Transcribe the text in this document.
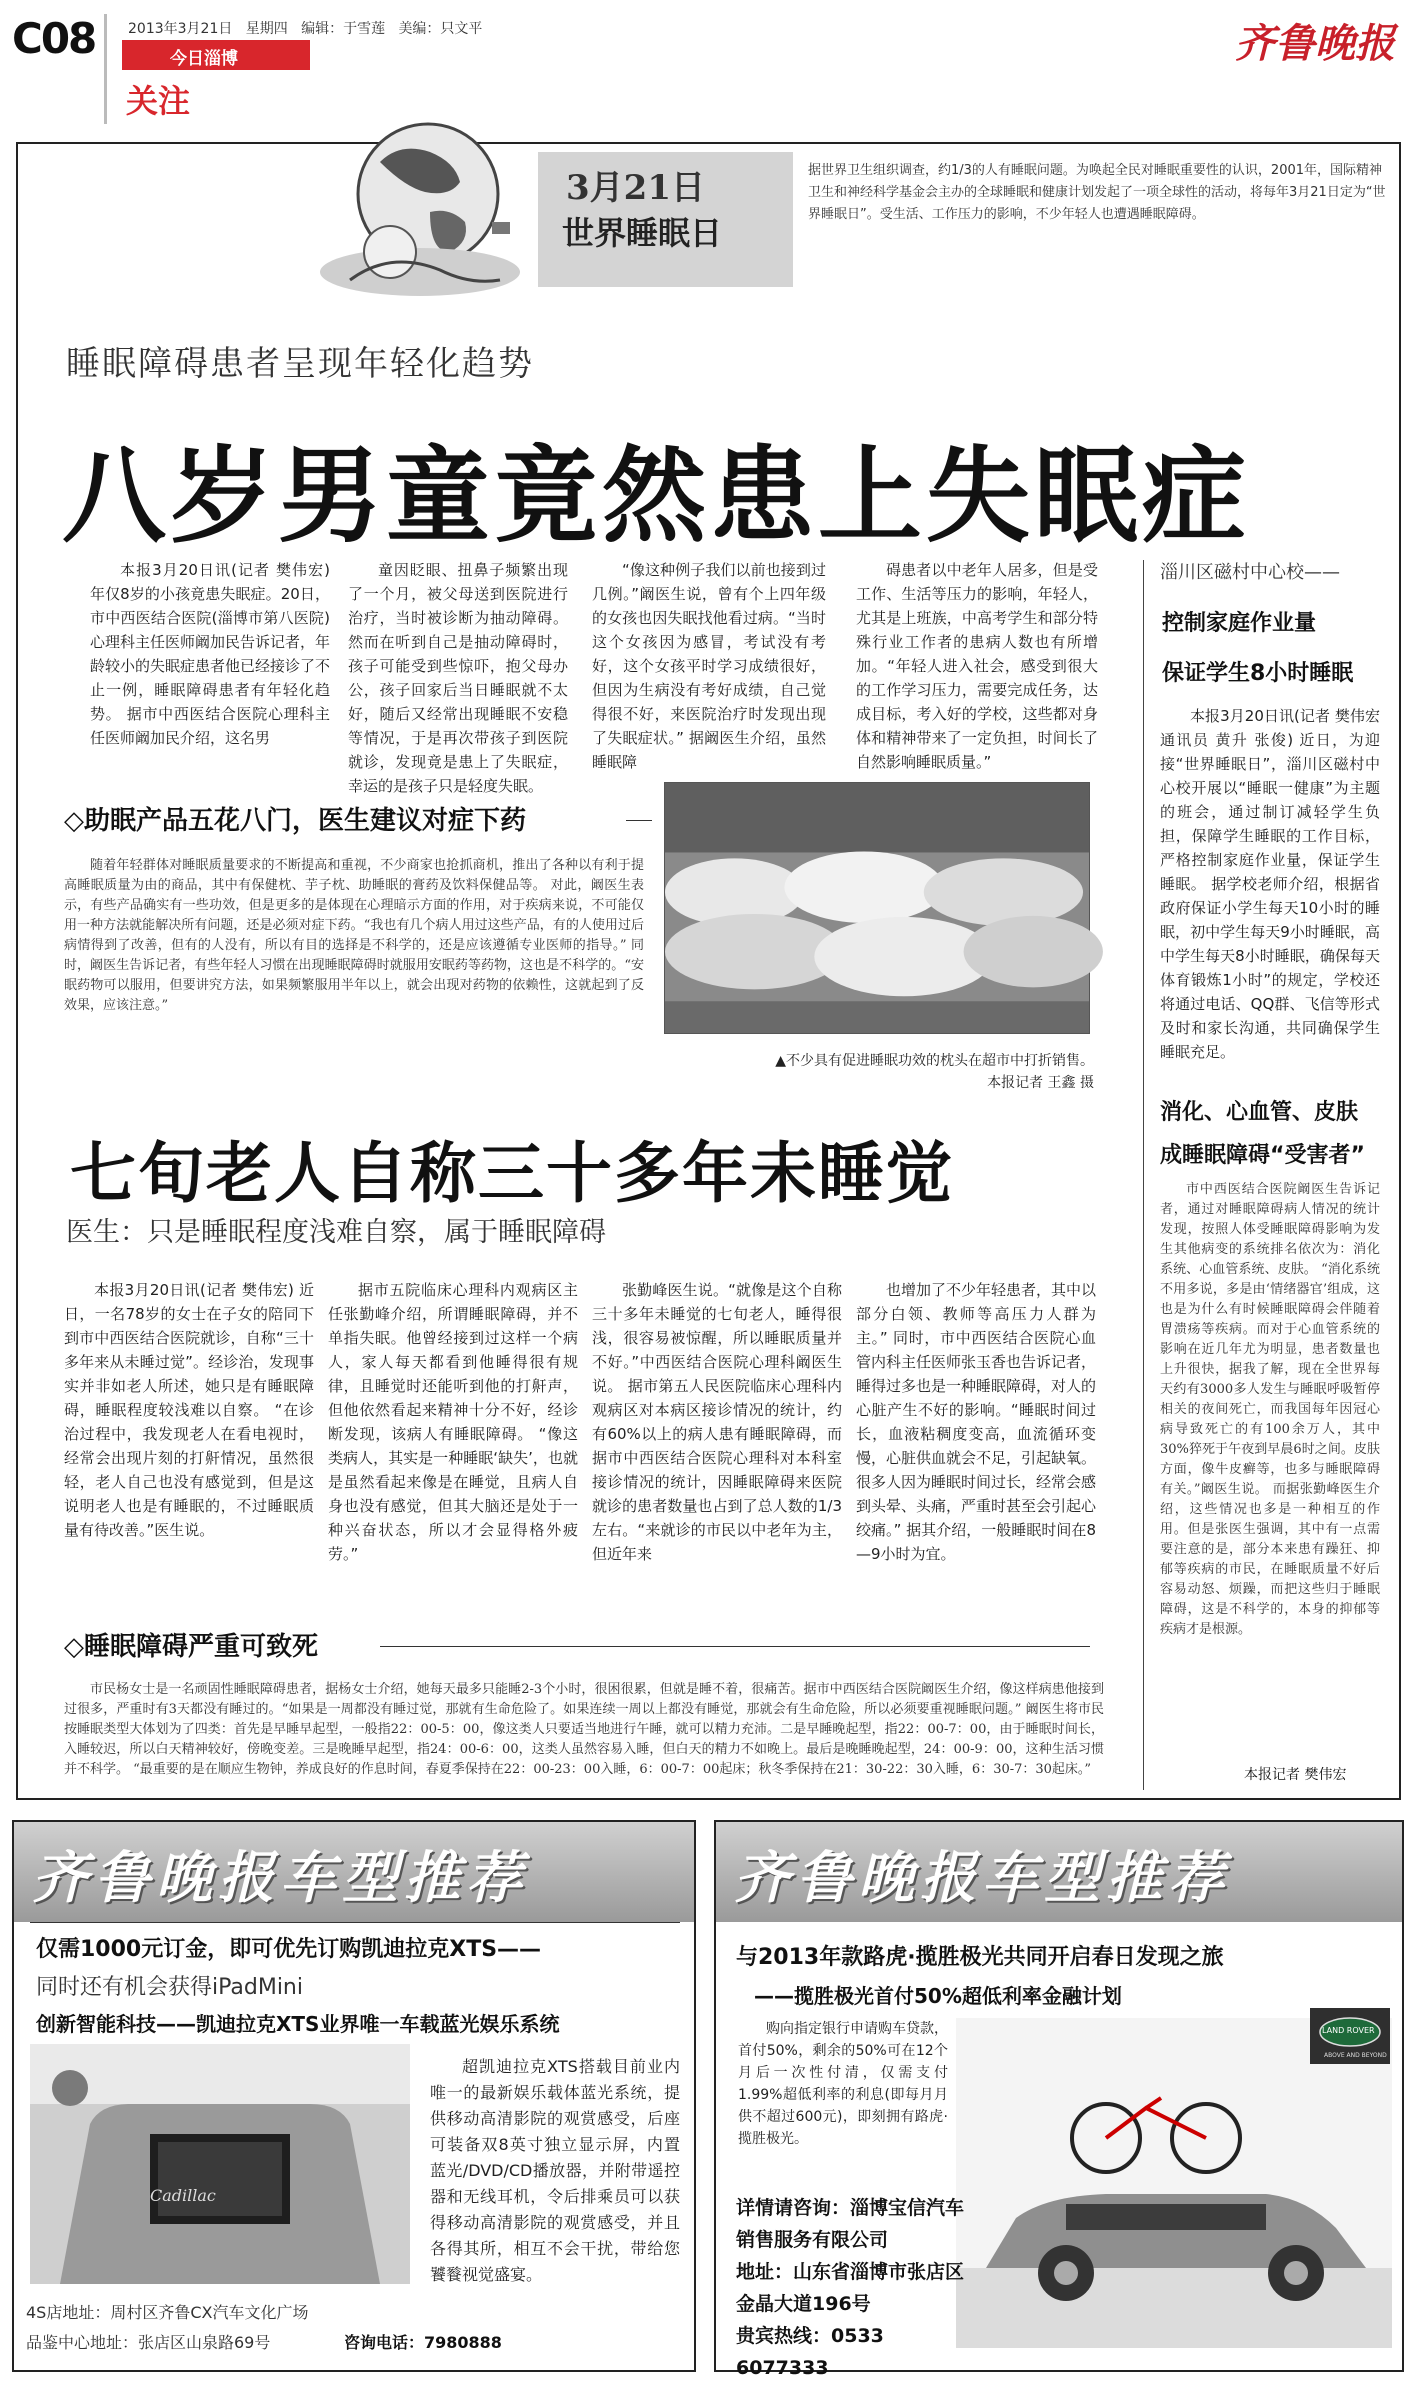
C08	2013年3月21日 星期四 编辑：于雪莲 美编：只文平
今日淄博
关注
齐鲁晚报
3月21日
世界睡眠日
据世界卫生组织调查，约1/3的人有睡眠问题。为唤起全民对睡眠重要性的认识，2001年，国际精神卫生和神经科学基金会主办的全球睡眠和健康计划发起了一项全球性的活动，将每年3月21日定为“世界睡眠日”。受生活、工作压力的影响，不少年轻人也遭遇睡眠障碍。
睡眠障碍患者呈现年轻化趋势
八岁男童竟然患上失眠症

本报3月20日讯(记者 樊伟宏) 年仅8岁的小孩竟患失眠症。20日，市中西医结合医院(淄博市第八医院)心理科主任医师阚加民告诉记者，年龄较小的失眠症患者他已经接诊了不止一例，睡眠障碍患者有年轻化趋势。 据市中西医结合医院心理科主任医师阚加民介绍，这名男

童因眨眼、扭鼻子频繁出现了一个月，被父母送到医院进行治疗，当时被诊断为抽动障碍。然而在听到自己是抽动障碍时，孩子可能受到些惊吓，抱父母办公，孩子回家后当日睡眠就不太好，随后又经常出现睡眠不安稳等情况，于是再次带孩子到医院就诊，发现竟是患上了失眠症，幸运的是孩子只是轻度失眠。

“像这种例子我们以前也接到过几例。”阚医生说，曾有个上四年级的女孩也因失眠找他看过病。“当时这个女孩因为感冒，考试没有考好，这个女孩平时学习成绩很好，但因为生病没有考好成绩，自己觉得很不好，来医院治疗时发现出现了失眠症状。” 据阚医生介绍，虽然睡眠障

碍患者以中老年人居多，但是受工作、生活等压力的影响，年轻人，尤其是上班族，中高考学生和部分特殊行业工作者的患病人数也有所增加。“年轻人进入社会，感受到很大的工作学习压力，需要完成任务，达成目标，考入好的学校，这些都对身体和精神带来了一定负担，时间长了自然影响睡眠质量。”

◇助眠产品五花八门，医生建议对症下药

随着年轻群体对睡眠质量要求的不断提高和重视，不少商家也抢抓商机，推出了各种以有利于提高睡眠质量为由的商品，其中有保健枕、芋子枕、助睡眠的膏药及饮料保健品等。 对此，阚医生表示，有些产品确实有一些功效，但是更多的是体现在心理暗示方面的作用，对于疾病来说，不可能仅用一种方法就能解决所有问题，还是必须对症下药。“我也有几个病人用过这些产品，有的人使用过后病情得到了改善，但有的人没有，所以有目的选择是不科学的，还是应该遵循专业医师的指导。” 同时，阚医生告诉记者，有些年轻人习惯在出现睡眠障碍时就服用安眠药等药物，这也是不科学的。“安眠药物可以服用，但要讲究方法，如果频繁服用半年以上，就会出现对药物的依赖性，这就起到了反效果，应该注意。”

▲不少具有促进睡眠功效的枕头在超市中打折销售。
本报记者 王鑫 摄
七旬老人自称三十多年未睡觉
医生：只是睡眠程度浅难自察，属于睡眠障碍

本报3月20日讯(记者 樊伟宏) 近日，一名78岁的女士在子女的陪同下到市中西医结合医院就诊，自称“三十多年来从未睡过觉”。经诊治，发现事实并非如老人所述，她只是有睡眠障碍，睡眠程度较浅难以自察。 “在诊治过程中，我发现老人在看电视时，经常会出现片刻的打鼾情况，虽然很轻，老人自己也没有感觉到，但是这说明老人也是有睡眠的，不过睡眠质量有待改善。”医生说。

据市五院临床心理科内观病区主任张勤峰介绍，所谓睡眠障碍，并不单指失眠。他曾经接到过这样一个病人，家人每天都看到他睡得很有规律，且睡觉时还能听到他的打鼾声，但他依然看起来精神十分不好，经诊断发现，该病人有睡眠障碍。 “像这类病人，其实是一种睡眠‘缺失’，也就是虽然看起来像是在睡觉，且病人自身也没有感觉，但其大脑还是处于一种兴奋状态，所以才会显得格外疲劳。”

张勤峰医生说。“就像是这个自称三十多年未睡觉的七旬老人，睡得很浅，很容易被惊醒，所以睡眠质量并不好。”中西医结合医院心理科阚医生说。 据市第五人民医院临床心理科内观病区对本病区接诊情况的统计，约有60%以上的病人患有睡眠障碍，而据市中西医结合医院心理科对本科室接诊情况的统计，因睡眠障碍来医院就诊的患者数量也占到了总人数的1/3左右。“来就诊的市民以中老年为主，但近年来

也增加了不少年轻患者，其中以部分白领、教师等高压力人群为主。” 同时，市中西医结合医院心血管内科主任医师张玉香也告诉记者，睡得过多也是一种睡眠障碍，对人的心脏产生不好的影响。“睡眠时间过长，血液粘稠度变高，血流循环变慢，心脏供血就会不足，引起缺氧。很多人因为睡眠时间过长，经常会感到头晕、头痛，严重时甚至会引起心绞痛。” 据其介绍，一般睡眠时间在8—9小时为宜。

◇睡眠障碍严重可致死

市民杨女士是一名顽固性睡眠障碍患者，据杨女士介绍，她每天最多只能睡2-3个小时，很困很累，但就是睡不着，很痛苦。据市中西医结合医院阚医生介绍，像这样病患他接到过很多，严重时有3天都没有睡过的。“如果是一周都没有睡过觉，那就有生命危险了。如果连续一周以上都没有睡觉，那就会有生命危险，所以必须要重视睡眠问题。” 阚医生将市民按睡眠类型大体划为了四类：首先是早睡早起型，一般指22：00-5：00，像这类人只要适当地进行午睡，就可以精力充沛。二是早睡晚起型，指22：00-7：00，由于睡眠时间长，入睡较迟，所以白天精神较好，傍晚变差。三是晚睡早起型，指24：00-6：00，这类人虽然容易入睡，但白天的精力不如晚上。最后是晚睡晚起型，24：00-9：00，这种生活习惯并不科学。 “最重要的是在顺应生物钟，养成良好的作息时间，春夏季保持在22：00-23：00入睡，6：00-7：00起床；秋冬季保持在21：30-22：30入睡，6：30-7：30起床。”

淄川区磁村中心校——
控制家庭作业量
保证学生8小时睡眠

本报3月20日讯(记者 樊伟宏 通讯员 黄升 张俊) 近日，为迎接“世界睡眠日”，淄川区磁村中心校开展以“睡眠一健康”为主题的班会，通过制订减轻学生负担，保障学生睡眠的工作目标，严格控制家庭作业量，保证学生睡眠。 据学校老师介绍，根据省政府保证小学生每天10小时的睡眠，初中学生每天9小时睡眠，高中学生每天8小时睡眠，确保每天体育锻炼1小时”的规定，学校还将通过电话、QQ群、飞信等形式及时和家长沟通，共同确保学生睡眠充足。

消化、心血管、皮肤
成睡眠障碍“受害者”

市中西医结合医院阚医生告诉记者，通过对睡眠障碍病人情况的统计发现，按照人体受睡眠障碍影响为发生其他病变的系统排名依次为：消化系统、心血管系统、皮肤。 “消化系统不用多说，多是由‘情绪器官’组成，这也是为什么有时候睡眠障碍会伴随着胃溃疡等疾病。而对于心血管系统的影响在近几年尤为明显，患者数量也上升很快，据我了解，现在全世界每天约有3000多人发生与睡眠呼吸暂停相关的夜间死亡，而我国每年因冠心病导致死亡的有100余万人，其中30%猝死于午夜到早晨6时之间。皮肤方面，像牛皮癣等，也多与睡眠障碍有关。”阚医生说。 而据张勤峰医生介绍，这些情况也多是一种相互的作用。但是张医生强调，其中有一点需要注意的是，部分本来患有躁狂、抑郁等疾病的市民，在睡眠质量不好后容易动怒、烦躁，而把这些归于睡眠障碍，这是不科学的，本身的抑郁等疾病才是根源。

本报记者 樊伟宏
齐鲁晚报车型推荐
仅需1000元订金，即可优先订购凯迪拉克XTS——
同时还有机会获得iPadMini
创新智能科技——凯迪拉克XTS业界唯一车载蓝光娱乐系统
Cadillac

超凯迪拉克XTS搭载目前业内唯一的最新娱乐载体蓝光系统，提供移动高清影院的观赏感受，后座可装备双8英寸独立显示屏，内置蓝光/DVD/CD播放器，并附带遥控器和无线耳机，令后排乘员可以获得移动高清影院的观赏感受，并且各得其所，相互不会干扰，带给您饕餮视觉盛宴。

4S店地址：周村区齐鲁CX汽车文化广场
品鉴中心地址：张店区山泉路69号	咨询电话：7980888
齐鲁晚报车型推荐
与2013年款路虎·揽胜极光共同开启春日发现之旅
——揽胜极光首付50%超低利率金融计划

购向指定银行申请购车贷款，首付50%，剩余的50%可在12个月后一次性付清，仅需支付1.99%超低利率的利息(即每月月供不超过600元)，即刻拥有路虎·揽胜极光。

LAND ROVER
ABOVE AND BEYOND
详情请咨询：淄博宝信汽车销售服务有限公司
地址：山东省淄博市张店区金晶大道196号
贵宾热线：0533 6077333
